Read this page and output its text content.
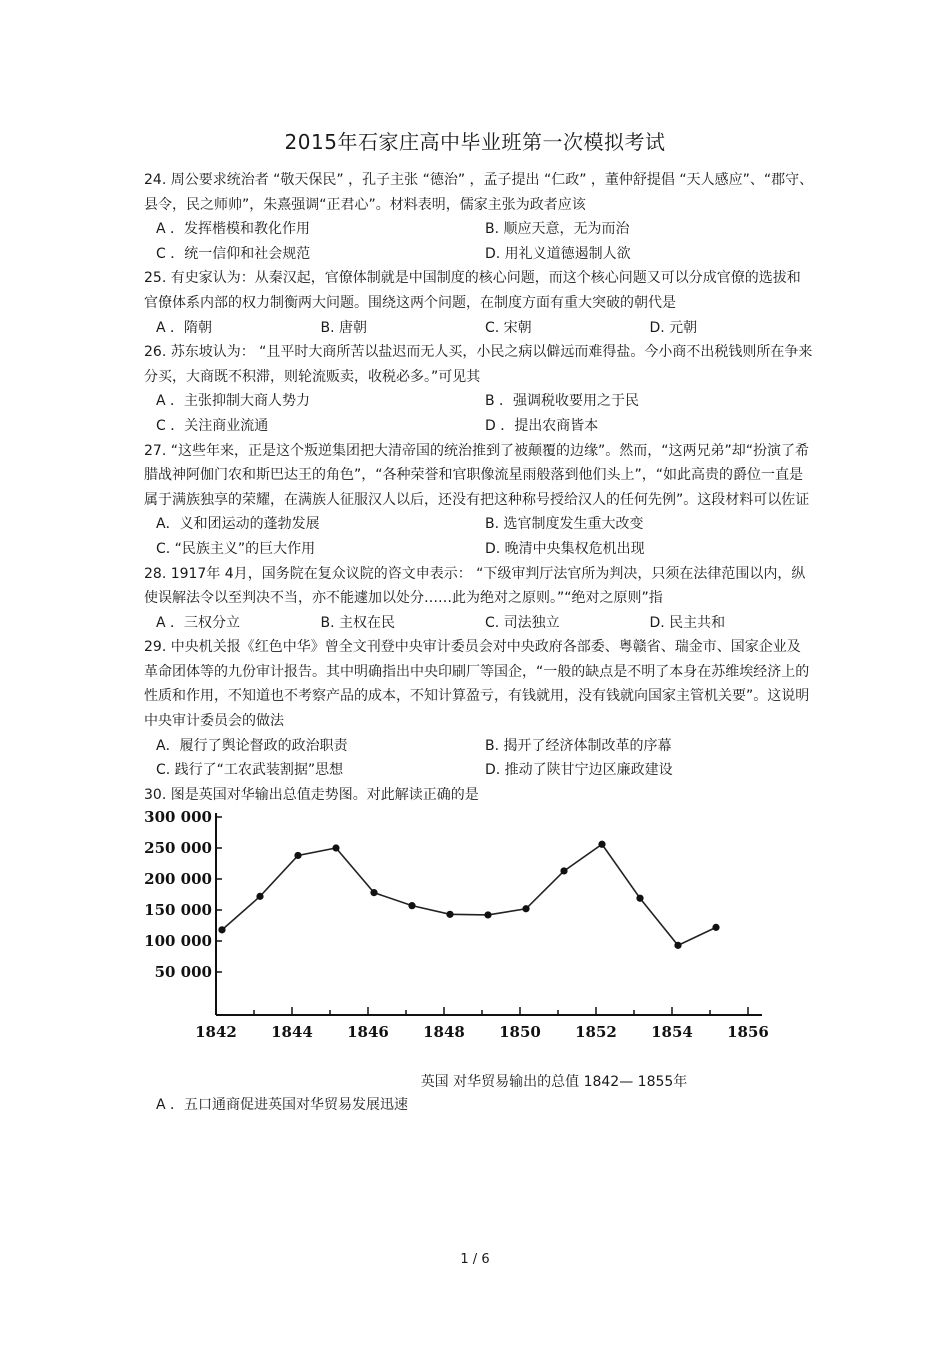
2015年石家庄高中毕业班第一次模拟考试

24. 周公要求统治者 “敬天保民” ，孔子主张 “德治” ，孟子提出 “仁政” ，董仲舒提倡 “天人感应”、“郡守、县令，民之师帅”，朱熹强调“正君心”。材料表明，儒家主张为政者应该

A ．发挥楷模和教化作用	B. 顺应天意，无为而治
C ．统一信仰和社会规范	D. 用礼义道德遏制人欲

25. 有史家认为：从秦汉起，官僚体制就是中国制度的核心问题，而这个核心问题又可以分成官僚的选拔和官僚体系内部的权力制衡两大问题。围绕这两个问题，在制度方面有重大突破的朝代是

A ．隋朝	B. 唐朝	C. 宋朝	D. 元朝

26. 苏东坡认为： “且平时大商所苦以盐迟而无人买，小民之病以僻远而难得盐。今小商不出税钱则所在争来分买，大商既不积滞，则轮流贩卖，收税必多。”可见其

A ．主张抑制大商人势力	B ．强调税收要用之于民
C ．关注商业流通	D ．提出农商皆本

27. “这些年来，正是这个叛逆集团把大清帝国的统治推到了被颠覆的边缘”。然而，“这两兄弟”却“扮演了希腊战神阿伽门农和斯巴达王的角色”，“各种荣誉和官职像流星雨般落到他们头上”，“如此高贵的爵位一直是属于满族独享的荣耀，在满族人征服汉人以后，还没有把这种称号授给汉人的任何先例”。这段材料可以佐证

A．义和团运动的蓬勃发展	B. 选官制度发生重大改变
C. “民族主义”的巨大作用	D. 晚清中央集权危机出现

28. 1917年 4月，国务院在复众议院的咨文申表示： “下级审判厅法官所为判决，只须在法律范围以内，纵使误解法令以至判决不当，亦不能遽加以处分……此为绝对之原则。”“绝对之原则”指

A ．三权分立	B. 主权在民	C. 司法独立	D. 民主共和

29. 中央机关报《红色中华》曾全文刊登中央审计委员会对中央政府各部委、粤赣省、瑞金市、国家企业及革命团体等的九份审计报告。其中明确指出中央印刷厂等国企，“一般的缺点是不明了本身在苏维埃经济上的性质和作用，不知道也不考察产品的成本，不知计算盈亏，有钱就用，没有钱就向国家主管机关要”。这说明中央审计委员会的做法

A．履行了舆论督政的政治职责	B. 揭开了经济体制改革的序幕
C. 践行了“工农武装割据”思想	D. 推动了陕甘宁边区廉政建设

30. 图是英国对华输出总值走势图。对此解读正确的是

300 000
250 000
200 000
150 000
100 000
50 000
1842 1844 1846 1848 1850 1852 1854 1856
英国 对华贸易输出的总值 1842— 1855年
A ．五口通商促进英国对华贸易发展迅速
1 / 6
